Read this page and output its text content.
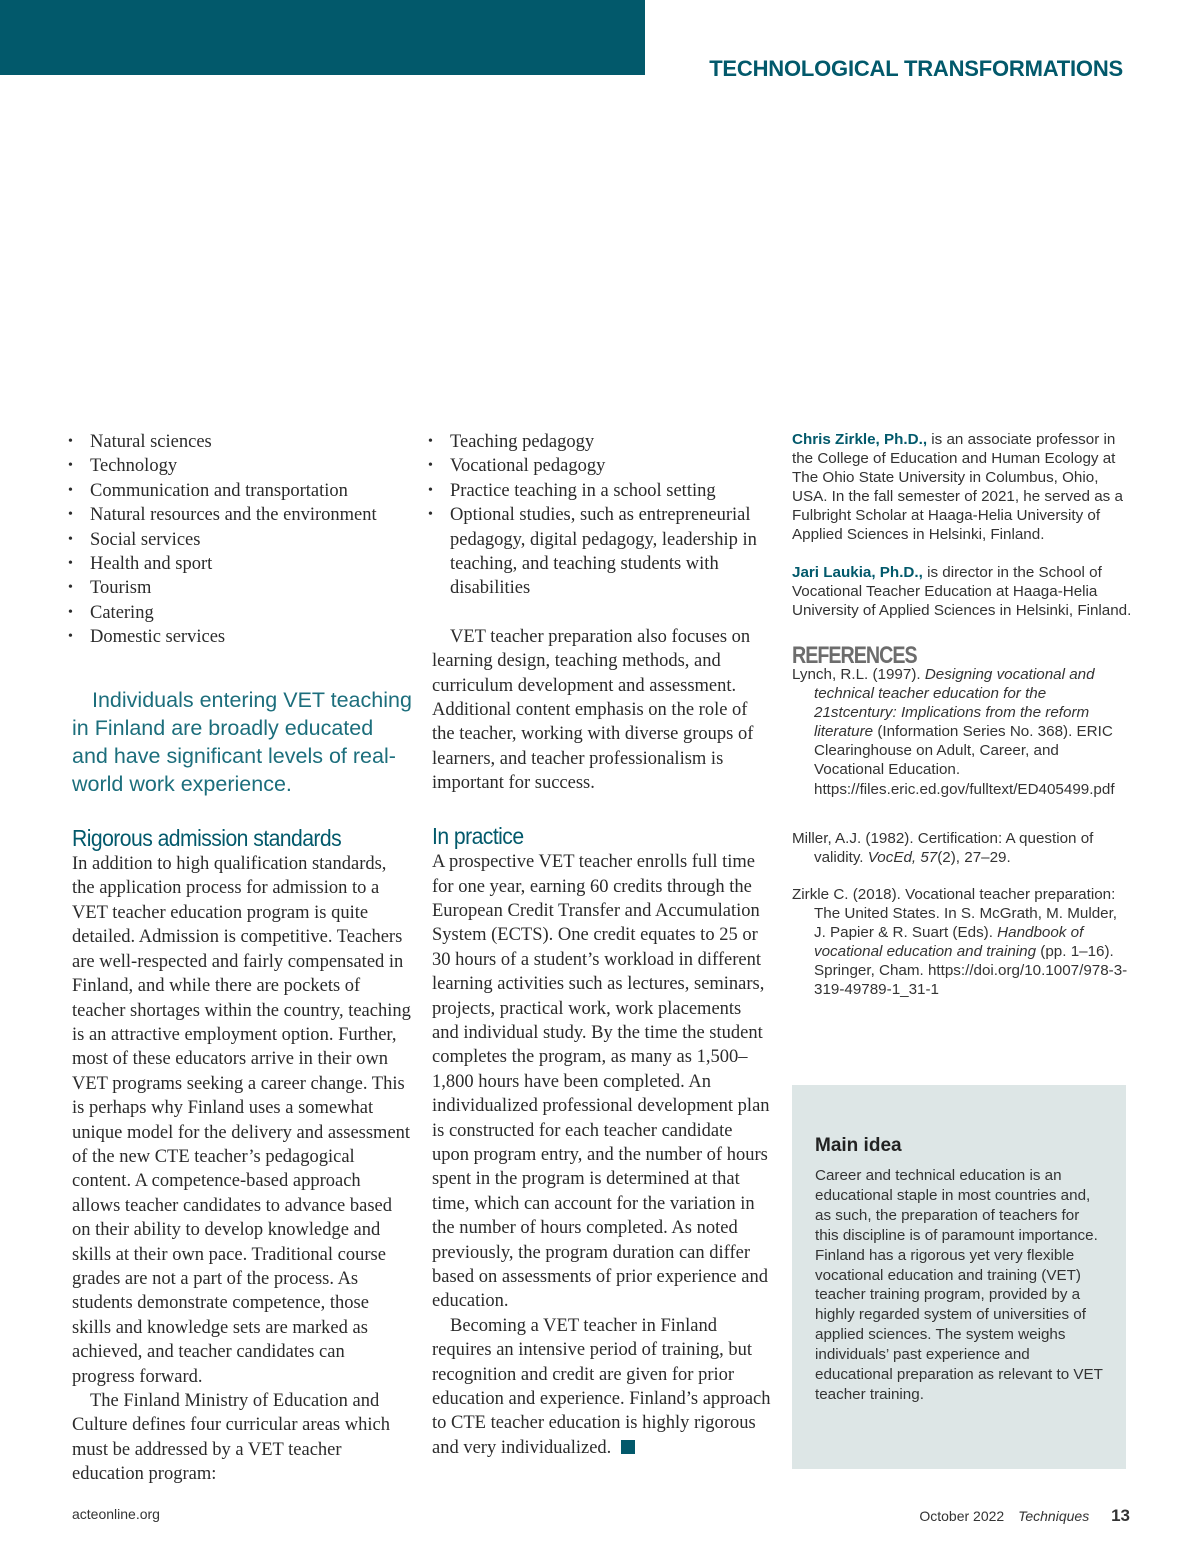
TECHNOLOGICAL TRANSFORMATIONS
• Natural sciences
• Technology
• Communication and transportation
• Natural resources and the environment
• Social services
• Health and sport
• Tourism
• Catering
• Domestic services
Individuals entering VET teaching in Finland are broadly educated and have significant levels of real-world work experience.
Rigorous admission standards

In addition to high qualification standards, the application process for admission to a VET teacher education program is quite detailed. Admission is competitive. Teachers are well-respected and fairly compensated in Finland, and while there are pockets of teacher shortages within the country, teaching is an attractive employment option. Further, most of these educators arrive in their own VET programs seeking a career change. This is perhaps why Finland uses a somewhat unique model for the delivery and assessment of the new CTE teacher’s pedagogical content. A competence-based approach allows teacher candidates to advance based on their ability to develop knowledge and skills at their own pace. Traditional course grades are not a part of the process. As students demonstrate competence, those skills and knowledge sets are marked as achieved, and teacher candidates can progress forward.

The Finland Ministry of Education and Culture defines four curricular areas which must be addressed by a VET teacher education program:

• Teaching pedagogy
• Vocational pedagogy
• Practice teaching in a school setting
• Optional studies, such as entrepreneurial pedagogy, digital pedagogy, leadership in teaching, and teaching students with disabilities

VET teacher preparation also focuses on learning design, teaching methods, and curriculum development and assessment. Additional content emphasis on the role of the teacher, working with diverse groups of learners, and teacher professionalism is important for success.

In practice

A prospective VET teacher enrolls full time for one year, earning 60 credits through the European Credit Transfer and Accumulation System (ECTS). One credit equates to 25 or 30 hours of a student’s workload in different learning activities such as lectures, seminars, projects, practical work, work placements and individual study. By the time the student completes the program, as many as 1,500–1,800 hours have been completed. An individualized professional development plan is constructed for each teacher candidate upon program entry, and the number of hours spent in the program is determined at that time, which can account for the variation in the number of hours completed. As noted previously, the program duration can differ based on assessments of prior experience and education.

Becoming a VET teacher in Finland requires an intensive period of training, but recognition and credit are given for prior education and experience. Finland’s approach to CTE teacher education is highly rigorous and very individualized.

Chris Zirkle, Ph.D., is an associate professor in the College of Education and Human Ecology at The Ohio State University in Columbus, Ohio, USA. In the fall semester of 2021, he served as a Fulbright Scholar at Haaga-Helia University of Applied Sciences in Helsinki, Finland.

Jari Laukia, Ph.D., is director in the School of Vocational Teacher Education at Haaga-Helia University of Applied Sciences in Helsinki, Finland.

REFERENCES

Lynch, R.L. (1997). Designing vocational and technical teacher education for the 21stcentury: Implications from the reform literature (Information Series No. 368). ERIC Clearinghouse on Adult, Career, and Vocational Education. https://files.eric.ed.gov/fulltext/ED405499.pdf

Miller, A.J. (1982). Certification: A question of validity. VocEd, 57(2), 27–29.

Zirkle C. (2018). Vocational teacher preparation: The United States. In S. McGrath, M. Mulder, J. Papier & R. Suart (Eds). Handbook of vocational education and training (pp. 1–16). Springer, Cham. https://doi.org/10.1007/978-3-319-49789-1_31-1

Main idea

Career and technical education is an educational staple in most countries and, as such, the preparation of teachers for this discipline is of paramount importance. Finland has a rigorous yet very flexible vocational education and training (VET) teacher training program, provided by a highly regarded system of universities of applied sciences. The system weighs individuals’ past experience and educational preparation as relevant to VET teacher training.

acteonline.org	October 2022 Techniques 13
